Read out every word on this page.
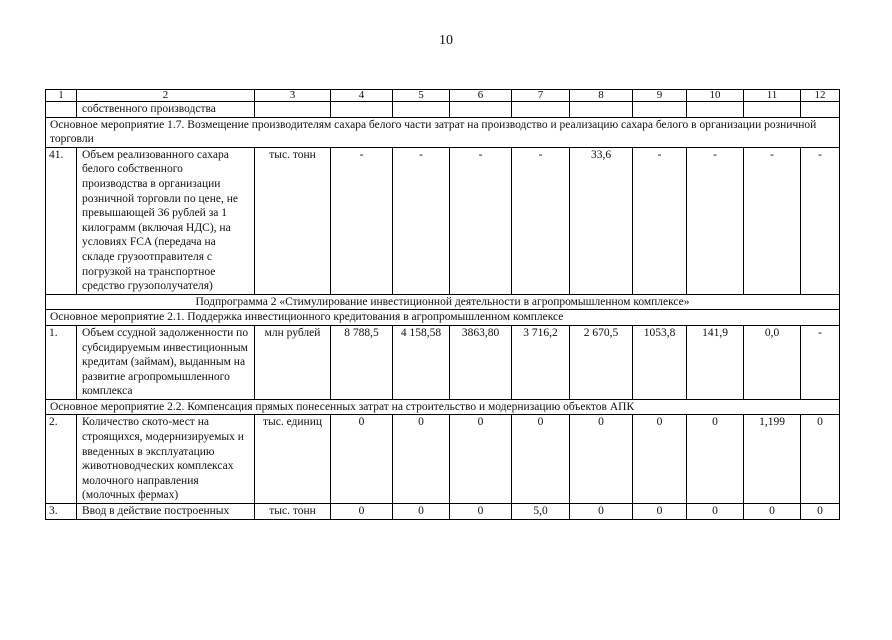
10
1	2	3	4	5	6	7	8	9	10	11	12
	собственного производства										
Основное мероприятие 1.7. Возмещение производителям сахара белого части затрат на производство и реализацию сахара белого в организации розничной торговли											
41.	Объем реализованного сахара белого собственного производства в организации розничной торговли по цене, не превышающей 36 рублей за 1 килограмм (включая НДС), на условиях FCA (передача на складе грузоотправителя с погрузкой на транспортное средство грузополучателя)	тыс. тонн	-	-	-	-	33,6	-	-	-	-
Подпрограмма 2 «Стимулирование инвестиционной деятельности в агропромышленном комплексе»											
Основное мероприятие 2.1. Поддержка инвестиционного кредитования в агропромышленном комплексе											
1.	Объем ссудной задолженности по субсидируемым инвестиционным кредитам (займам), выданным на развитие агропромышленного комплекса	млн рублей	8 788,5	4 158,58	3863,80	3 716,2	2 670,5	1053,8	141,9	0,0	-
Основное мероприятие 2.2. Компенсация прямых понесенных затрат на строительство и модернизацию объектов АПК											
2.	Количество ското-мест на строящихся, модернизируемых и введенных в эксплуатацию животноводческих комплексах молочного направления (молочных фермах)	тыс. единиц	0	0	0	0	0	0	0	1,199	0
3.	Ввод в действие построенных	тыс. тонн	0	0	0	5,0	0	0	0	0	0
